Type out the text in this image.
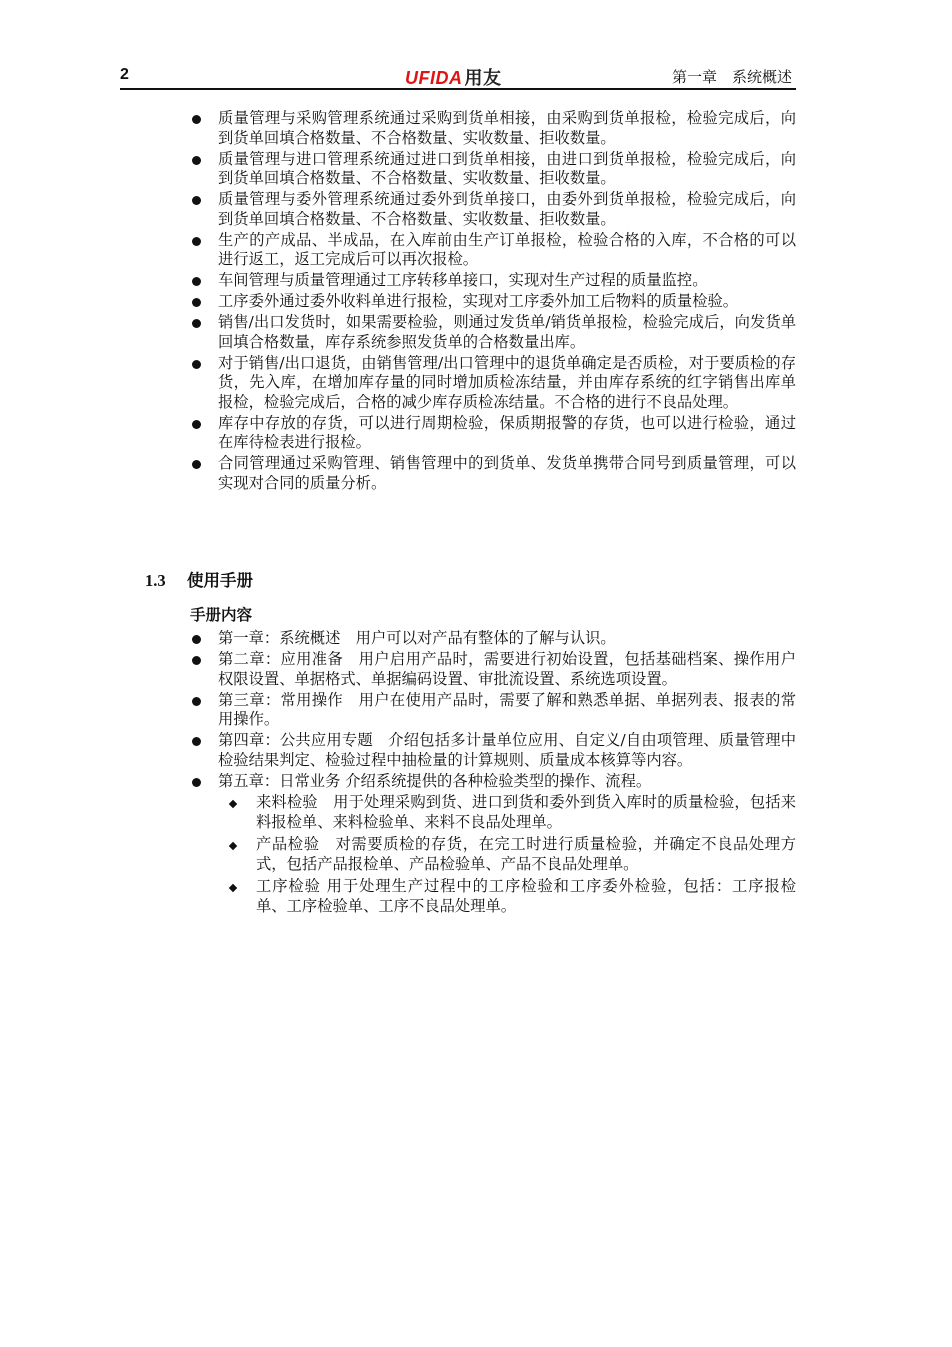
2	UFIDA 用友	第一章　系统概述
质量管理与采购管理系统通过采购到货单相接，由采购到货单报检，检验完成后，向到货单回填合格数量、不合格数量、实收数量、拒收数量。
质量管理与进口管理系统通过进口到货单相接，由进口到货单报检，检验完成后，向到货单回填合格数量、不合格数量、实收数量、拒收数量。
质量管理与委外管理系统通过委外到货单接口，由委外到货单报检，检验完成后，向到货单回填合格数量、不合格数量、实收数量、拒收数量。
生产的产成品、半成品，在入库前由生产订单报检，检验合格的入库，不合格的可以进行返工，返工完成后可以再次报检。
车间管理与质量管理通过工序转移单接口，实现对生产过程的质量监控。
工序委外通过委外收料单进行报检，实现对工序委外加工后物料的质量检验。
销售/出口发货时，如果需要检验，则通过发货单/销货单报检，检验完成后，向发货单回填合格数量，库存系统参照发货单的合格数量出库。
对于销售/出口退货，由销售管理/出口管理中的退货单确定是否质检，对于要质检的存货，先入库，在增加库存量的同时增加质检冻结量，并由库存系统的红字销售出库单报检，检验完成后，合格的减少库存质检冻结量。不合格的进行不良品处理。
库存中存放的存货，可以进行周期检验，保质期报警的存货，也可以进行检验，通过在库待检表进行报检。
合同管理通过采购管理、销售管理中的到货单、发货单携带合同号到质量管理，可以实现对合同的质量分析。
1.3 使用手册
手册内容
第一章：系统概述　用户可以对产品有整体的了解与认识。
第二章：应用准备　用户启用产品时，需要进行初始设置，包括基础档案、操作用户权限设置、单据格式、单据编码设置、审批流设置、系统选项设置。
第三章：常用操作　用户在使用产品时，需要了解和熟悉单据、单据列表、报表的常用操作。
第四章：公共应用专题　介绍包括多计量单位应用、自定义/自由项管理、质量管理中检验结果判定、检验过程中抽检量的计算规则、质量成本核算等内容。
第五章：日常业务 介绍系统提供的各种检验类型的操作、流程。
来料检验　用于处理采购到货、进口到货和委外到货入库时的质量检验，包括来料报检单、来料检验单、来料不良品处理单。
产品检验　对需要质检的存货，在完工时进行质量检验，并确定不良品处理方式，包括产品报检单、产品检验单、产品不良品处理单。
工序检验 用于处理生产过程中的工序检验和工序委外检验，包括：工序报检单、工序检验单、工序不良品处理单。
